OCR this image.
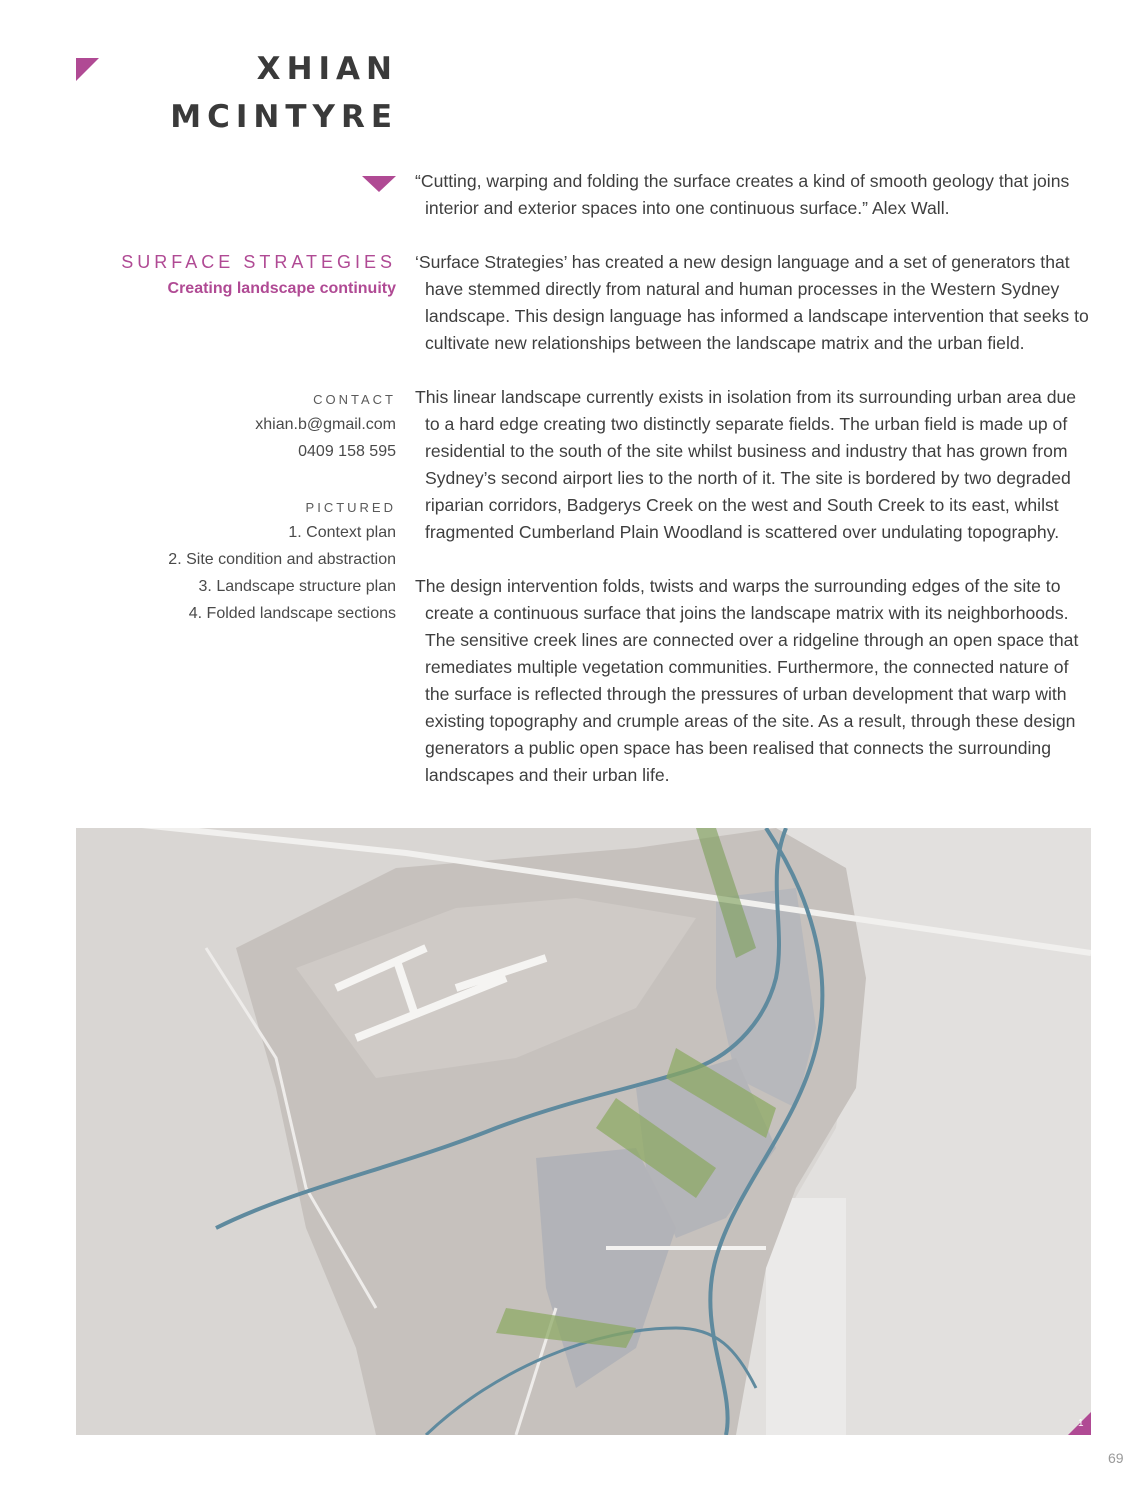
XHIAN
MCINTYRE
SURFACE STRATEGIES
Creating landscape continuity
CONTACT
xhian.b@gmail.com
0409 158 595
PICTURED
1. Context plan
2. Site condition and abstraction
3. Landscape structure plan
4. Folded landscape sections

“Cutting, warping and folding the surface creates a kind of smooth geology that joins interior and exterior spaces into one continuous surface.” Alex Wall.

‘Surface Strategies’ has created a new design language and a set of generators that have stemmed directly from natural and human processes in the Western Sydney landscape. This design language has informed a landscape intervention that seeks to cultivate new relationships between the landscape matrix and the urban field.

This linear landscape currently exists in isolation from its surrounding urban area due to a hard edge creating two distinctly separate fields. The urban field is made up of residential to the south of the site whilst business and industry that has grown from Sydney’s second airport lies to the north of it. The site is bordered by two degraded riparian corridors, Badgerys Creek on the west and South Creek to its east, whilst fragmented Cumberland Plain Woodland is scattered over undulating topography.

The design intervention folds, twists and warps the surrounding edges of the site to create a continuous surface that joins the landscape matrix with its neighborhoods. The sensitive creek lines are connected over a ridgeline through an open space that remediates multiple vegetation communities. Furthermore, the connected nature of the surface is reflected through the pressures of urban development that warp with existing topography and crumple areas of the site. As a result, through these design generators a public open space has been realised that connects the surrounding landscapes and their urban life.

1
69
